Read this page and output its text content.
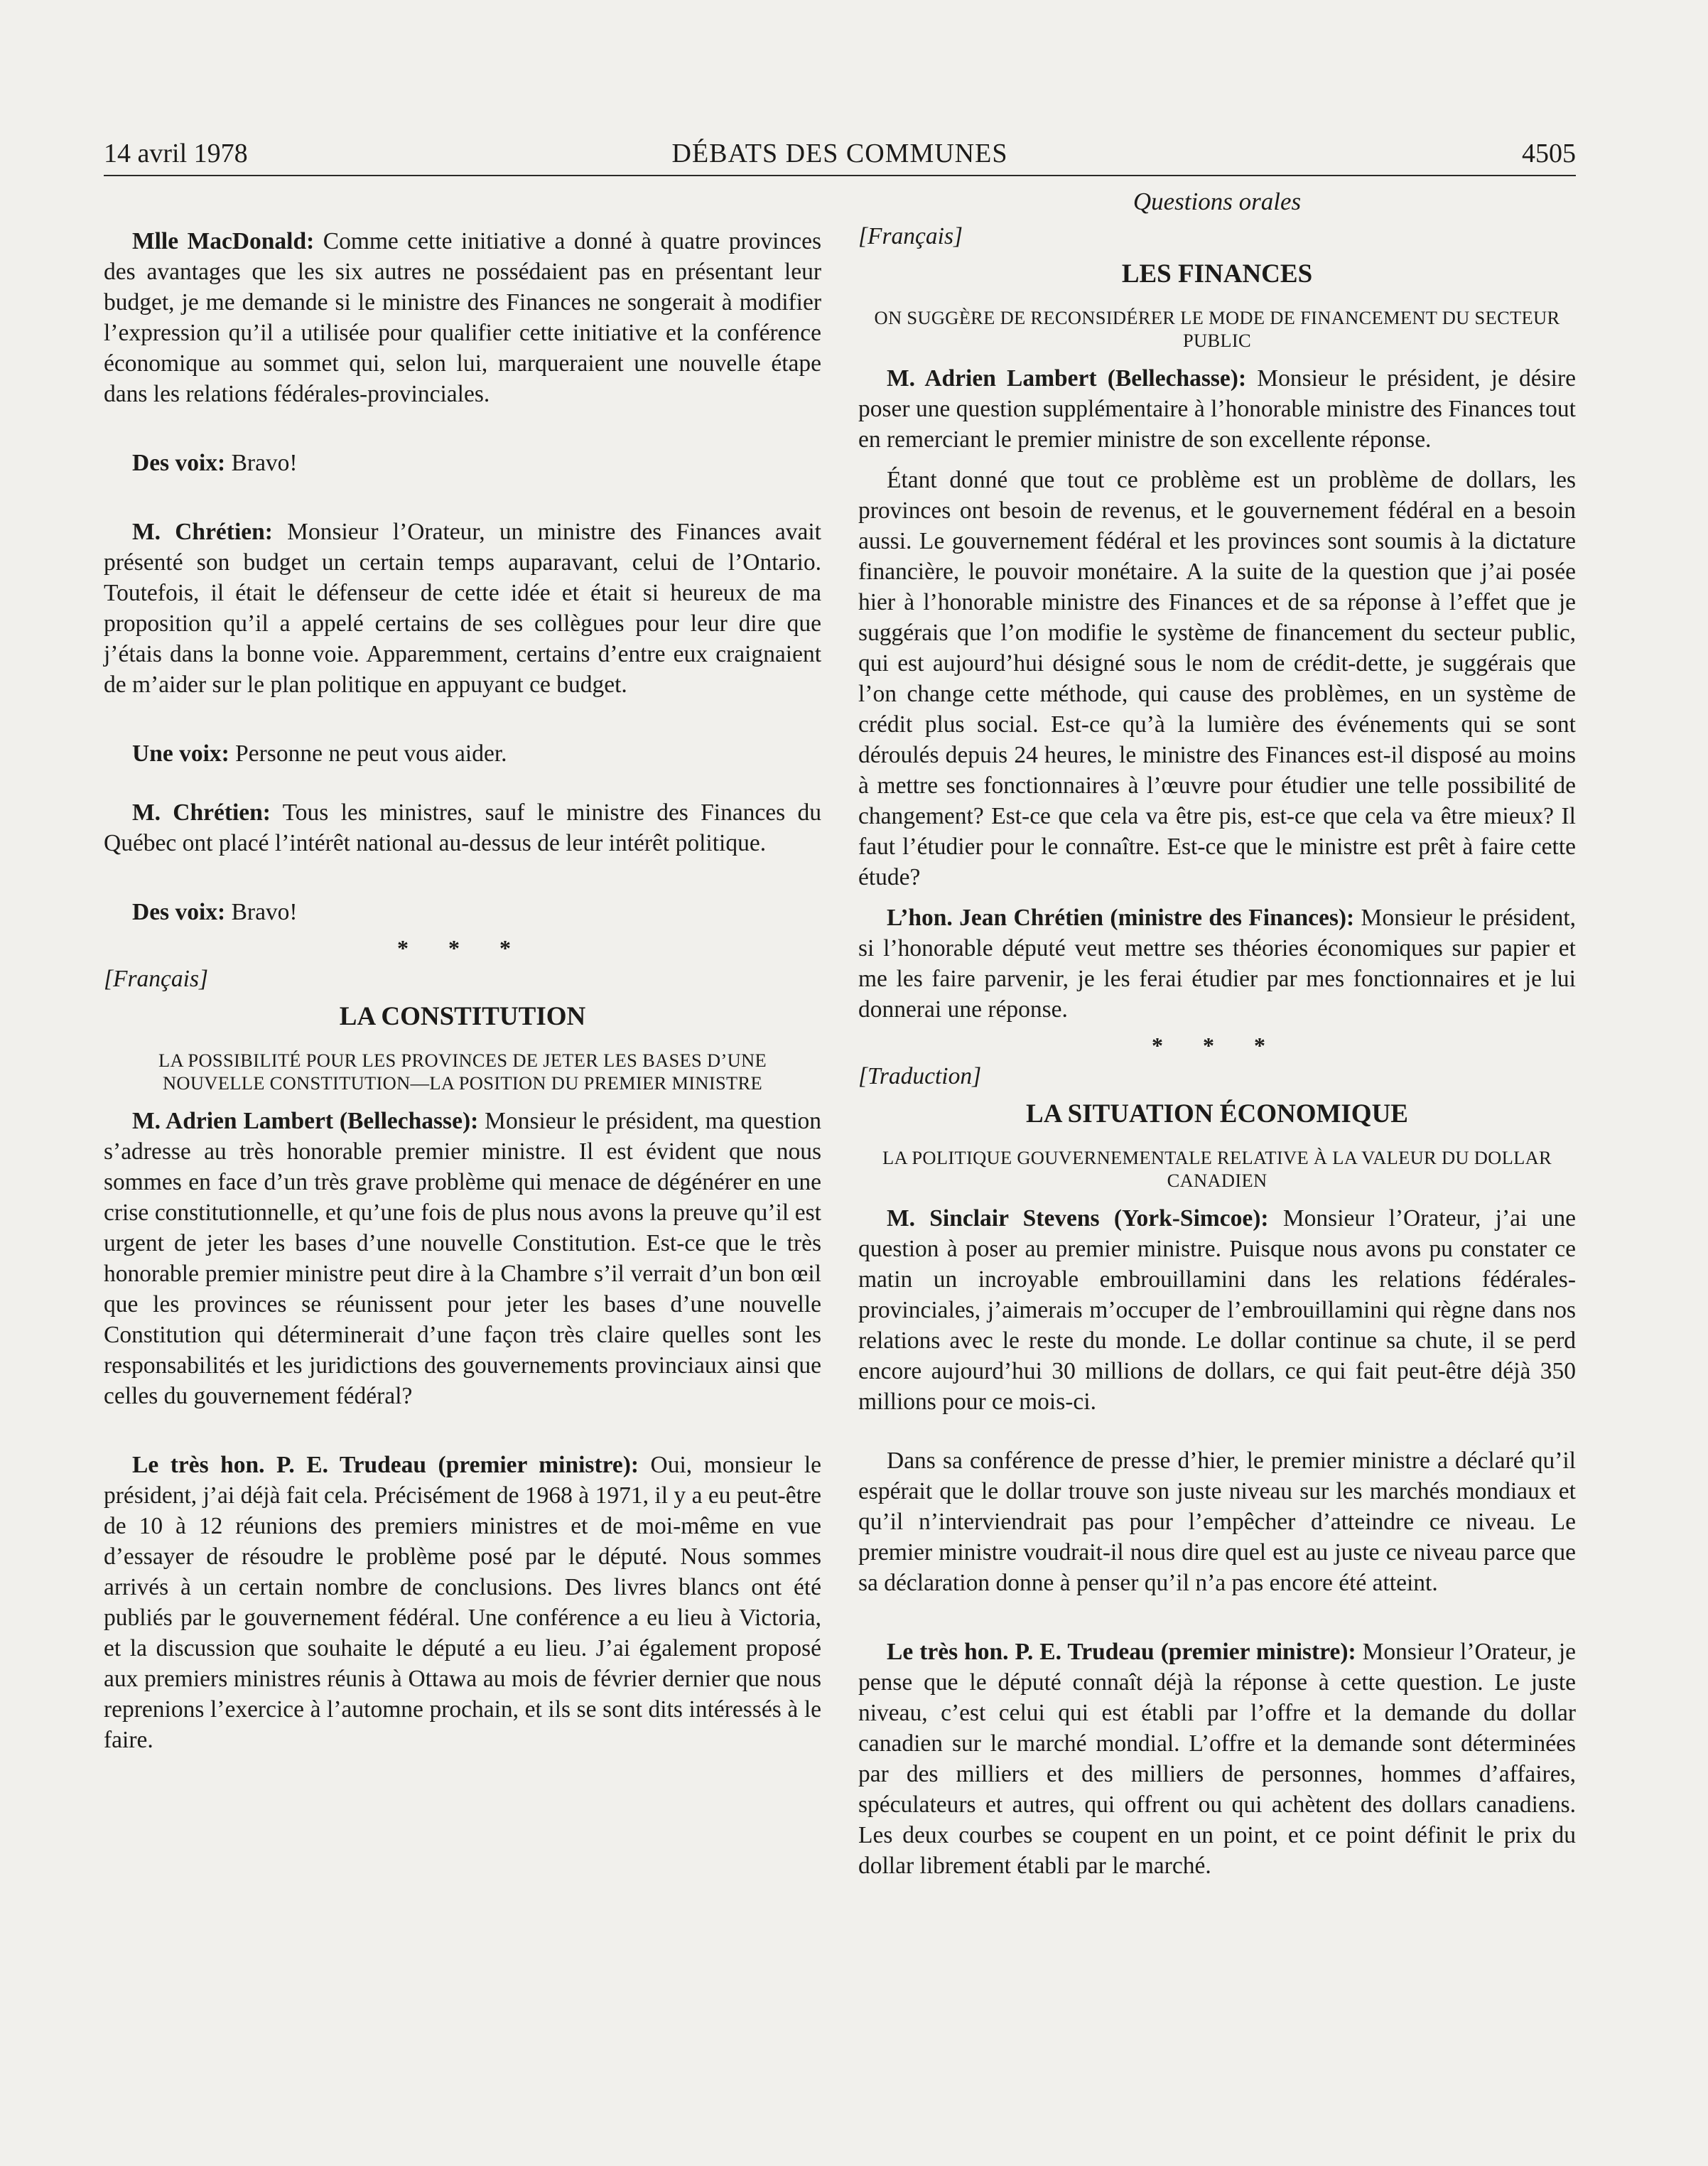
14 avril 1978	DÉBATS DES COMMUNES	4505

Mlle MacDonald: Comme cette initiative a donné à quatre provinces des avantages que les six autres ne possédaient pas en présentant leur budget, je me demande si le ministre des Finances ne songerait à modifier l’expression qu’il a utilisée pour qualifier cette initiative et la conférence économique au sommet qui, selon lui, marqueraient une nouvelle étape dans les relations fédérales-provinciales.

Des voix: Bravo!

M. Chrétien: Monsieur l’Orateur, un ministre des Finances avait présenté son budget un certain temps auparavant, celui de l’Ontario. Toutefois, il était le défenseur de cette idée et était si heureux de ma proposition qu’il a appelé certains de ses collègues pour leur dire que j’étais dans la bonne voie. Apparemment, certains d’entre eux craignaient de m’aider sur le plan politique en appuyant ce budget.

Une voix: Personne ne peut vous aider.

M. Chrétien: Tous les ministres, sauf le ministre des Finances du Québec ont placé l’intérêt national au-dessus de leur intérêt politique.

Des voix: Bravo!

* * *
[Français]
LA CONSTITUTION
LA POSSIBILITÉ POUR LES PROVINCES DE JETER LES BASES D’UNE NOUVELLE CONSTITUTION—LA POSITION DU PREMIER MINISTRE

M. Adrien Lambert (Bellechasse): Monsieur le président, ma question s’adresse au très honorable premier ministre. Il est évident que nous sommes en face d’un très grave problème qui menace de dégénérer en une crise constitutionnelle, et qu’une fois de plus nous avons la preuve qu’il est urgent de jeter les bases d’une nouvelle Constitution. Est-ce que le très honorable premier ministre peut dire à la Chambre s’il verrait d’un bon œil que les provinces se réunissent pour jeter les bases d’une nouvelle Constitution qui déterminerait d’une façon très claire quelles sont les responsabilités et les juridictions des gouvernements provinciaux ainsi que celles du gouvernement fédéral?

Le très hon. P. E. Trudeau (premier ministre): Oui, monsieur le président, j’ai déjà fait cela. Précisément de 1968 à 1971, il y a eu peut-être de 10 à 12 réunions des premiers ministres et de moi-même en vue d’essayer de résoudre le problème posé par le député. Nous sommes arrivés à un certain nombre de conclusions. Des livres blancs ont été publiés par le gouvernement fédéral. Une conférence a eu lieu à Victoria, et la discussion que souhaite le député a eu lieu. J’ai également proposé aux premiers ministres réunis à Ottawa au mois de février dernier que nous reprenions l’exercice à l’automne prochain, et ils se sont dits intéressés à le faire.

Questions orales
[Français]
LES FINANCES
ON SUGGÈRE DE RECONSIDÉRER LE MODE DE FINANCEMENT DU SECTEUR PUBLIC

M. Adrien Lambert (Bellechasse): Monsieur le président, je désire poser une question supplémentaire à l’honorable ministre des Finances tout en remerciant le premier ministre de son excellente réponse.

Étant donné que tout ce problème est un problème de dollars, les provinces ont besoin de revenus, et le gouvernement fédéral en a besoin aussi. Le gouvernement fédéral et les provinces sont soumis à la dictature financière, le pouvoir monétaire. A la suite de la question que j’ai posée hier à l’honorable ministre des Finances et de sa réponse à l’effet que je suggérais que l’on modifie le système de financement du secteur public, qui est aujourd’hui désigné sous le nom de crédit-dette, je suggérais que l’on change cette méthode, qui cause des problèmes, en un système de crédit plus social. Est-ce qu’à la lumière des événements qui se sont déroulés depuis 24 heures, le ministre des Finances est-il disposé au moins à mettre ses fonctionnaires à l’œuvre pour étudier une telle possibilité de changement? Est-ce que cela va être pis, est-ce que cela va être mieux? Il faut l’étudier pour le connaître. Est-ce que le ministre est prêt à faire cette étude?

L’hon. Jean Chrétien (ministre des Finances): Monsieur le président, si l’honorable député veut mettre ses théories économiques sur papier et me les faire parvenir, je les ferai étudier par mes fonctionnaires et je lui donnerai une réponse.

* * *
[Traduction]
LA SITUATION ÉCONOMIQUE
LA POLITIQUE GOUVERNEMENTALE RELATIVE À LA VALEUR DU DOLLAR CANADIEN

M. Sinclair Stevens (York-Simcoe): Monsieur l’Orateur, j’ai une question à poser au premier ministre. Puisque nous avons pu constater ce matin un incroyable embrouillamini dans les relations fédérales-provinciales, j’aimerais m’occuper de l’embrouillamini qui règne dans nos relations avec le reste du monde. Le dollar continue sa chute, il se perd encore aujourd’hui 30 millions de dollars, ce qui fait peut-être déjà 350 millions pour ce mois-ci.

Dans sa conférence de presse d’hier, le premier ministre a déclaré qu’il espérait que le dollar trouve son juste niveau sur les marchés mondiaux et qu’il n’interviendrait pas pour l’empêcher d’atteindre ce niveau. Le premier ministre voudrait-il nous dire quel est au juste ce niveau parce que sa déclaration donne à penser qu’il n’a pas encore été atteint.

Le très hon. P. E. Trudeau (premier ministre): Monsieur l’Orateur, je pense que le député connaît déjà la réponse à cette question. Le juste niveau, c’est celui qui est établi par l’offre et la demande du dollar canadien sur le marché mondial. L’offre et la demande sont déterminées par des milliers et des milliers de personnes, hommes d’affaires, spéculateurs et autres, qui offrent ou qui achètent des dollars canadiens. Les deux courbes se coupent en un point, et ce point définit le prix du dollar librement établi par le marché.
